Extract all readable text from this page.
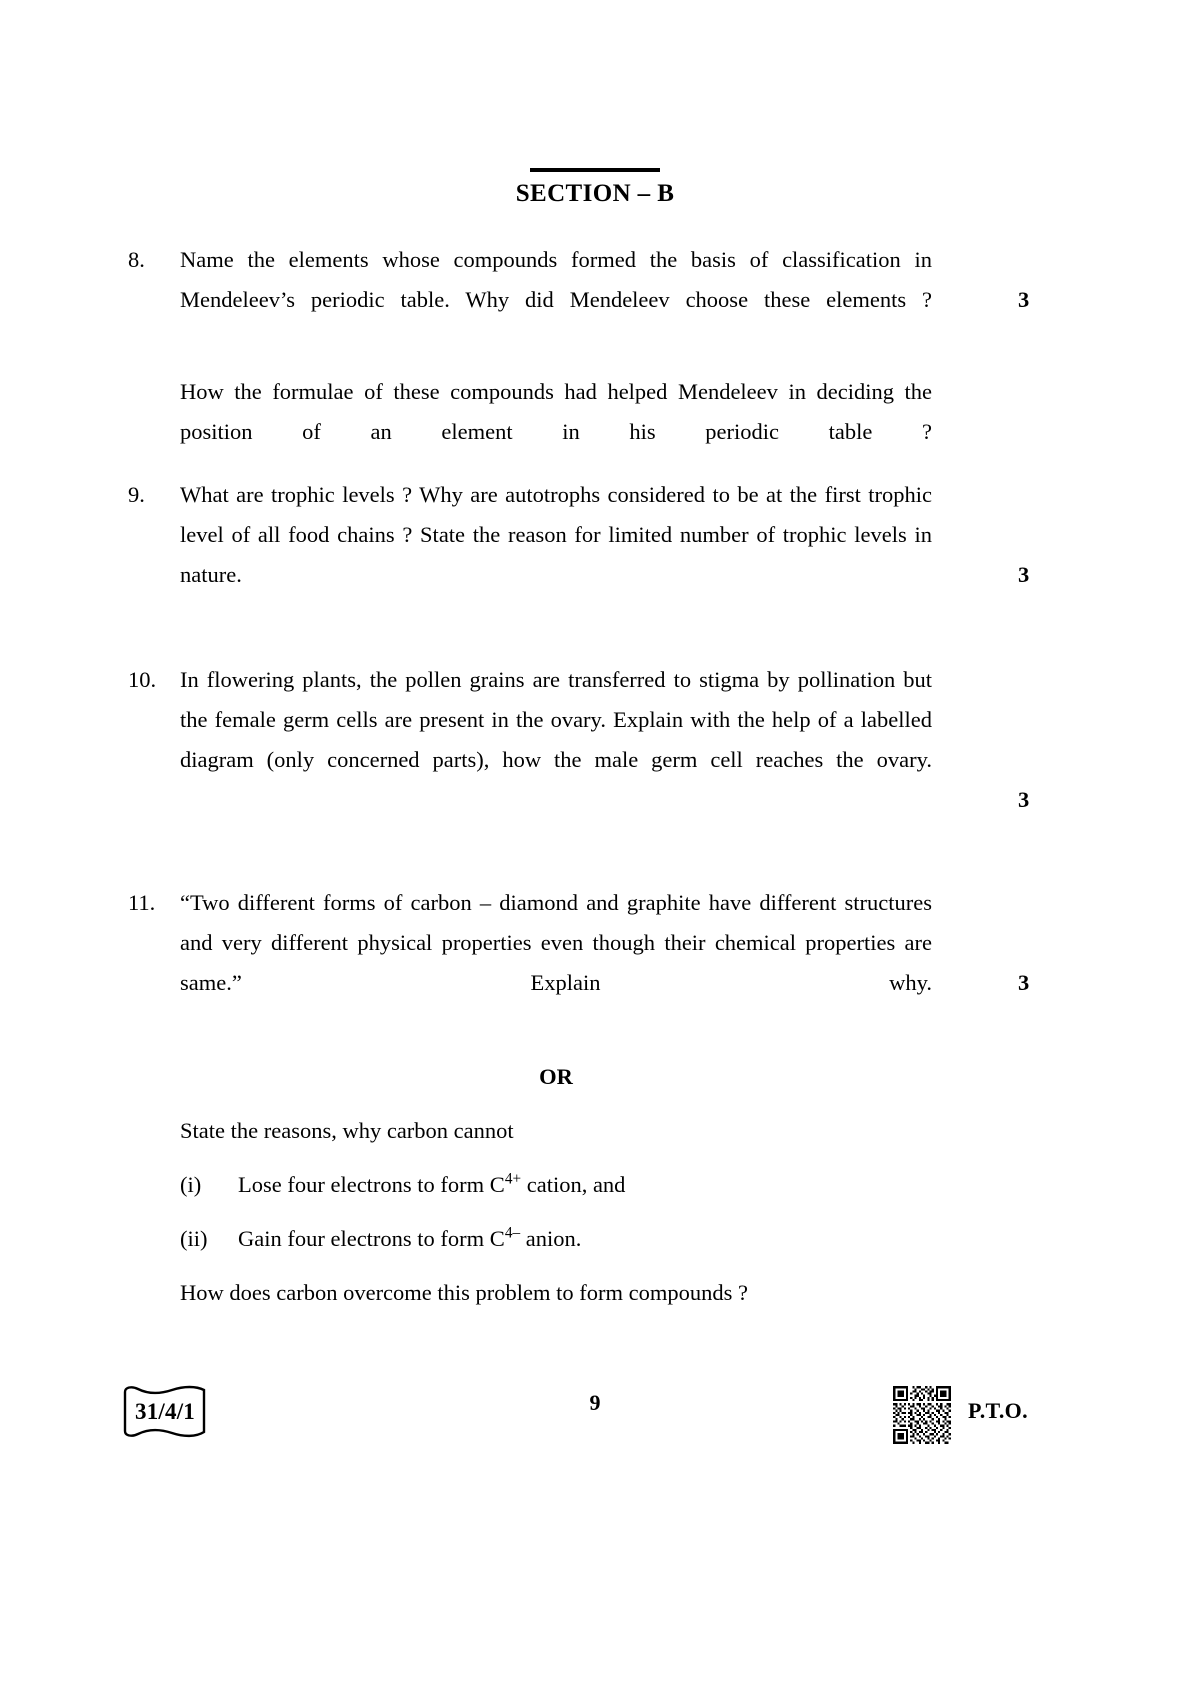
SECTION – B
8.	Name the elements whose compounds formed the basis of classification in Mendeleev’s periodic table. Why did Mendeleev choose these elements ?

How the formulae of these compounds had helped Mendeleev in deciding the position of an element in his periodic table ?

3
9.	What are trophic levels ? Why are autotrophs considered to be at the first trophic level of all food chains ? State the reason for limited number of trophic levels in nature.	3
10.	In flowering plants, the pollen grains are transferred to stigma by pollination but the female germ cells are present in the ovary. Explain with the help of a labelled diagram (only concerned parts), how the male germ cell reaches the ovary.

3
11.	“Two different forms of carbon – diamond and graphite have different structures and very different physical properties even though their chemical properties are same.” Explain why.	3
OR
State the reasons, why carbon cannot
(i)	Lose four electrons to form $C^{4+}$ cation, and
(ii)	Gain four electrons to form $C^{4-}$ anion.
How does carbon overcome this problem to form compounds ?
31/4/1	9	P.T.O.
